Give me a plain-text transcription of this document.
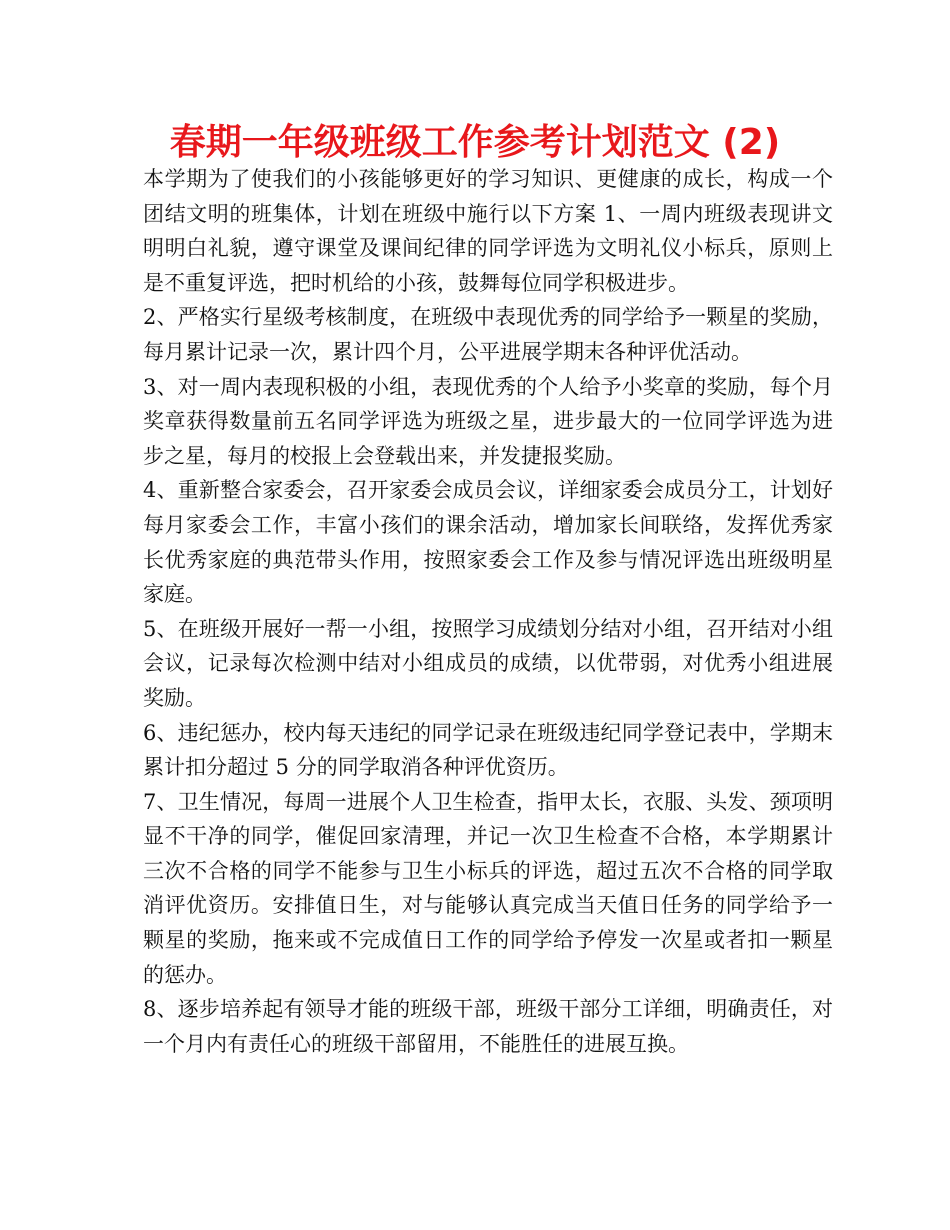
春期一年级班级工作参考计划范文 (2)

本学期为了使我们的小孩能够更好的学习知识、更健康的成长，构成一个团结文明的班集体，计划在班级中施行以下方案 1、一周内班级表现讲文明明白礼貌，遵守课堂及课间纪律的同学评选为文明礼仪小标兵，原则上是不重复评选，把时机给的小孩，鼓舞每位同学积极进步。

2、严格实行星级考核制度，在班级中表现优秀的同学给予一颗星的奖励，每月累计记录一次，累计四个月，公平进展学期末各种评优活动。

3、对一周内表现积极的小组，表现优秀的个人给予小奖章的奖励，每个月奖章获得数量前五名同学评选为班级之星，进步最大的一位同学评选为进步之星，每月的校报上会登载出来，并发捷报奖励。

4、重新整合家委会，召开家委会成员会议，详细家委会成员分工，计划好每月家委会工作，丰富小孩们的课余活动，增加家长间联络，发挥优秀家长优秀家庭的典范带头作用，按照家委会工作及参与情况评选出班级明星家庭。

5、在班级开展好一帮一小组，按照学习成绩划分结对小组，召开结对小组会议，记录每次检测中结对小组成员的成绩，以优带弱，对优秀小组进展奖励。

6、违纪惩办，校内每天违纪的同学记录在班级违纪同学登记表中，学期末累计扣分超过 5 分的同学取消各种评优资历。

7、卫生情况，每周一进展个人卫生检查，指甲太长，衣服、头发、颈项明显不干净的同学，催促回家清理，并记一次卫生检查不合格，本学期累计三次不合格的同学不能参与卫生小标兵的评选，超过五次不合格的同学取消评优资历。安排值日生，对与能够认真完成当天值日任务的同学给予一颗星的奖励，拖来或不完成值日工作的同学给予停发一次星或者扣一颗星的惩办。

8、逐步培养起有领导才能的班级干部，班级干部分工详细，明确责任，对一个月内有责任心的班级干部留用，不能胜任的进展互换。
